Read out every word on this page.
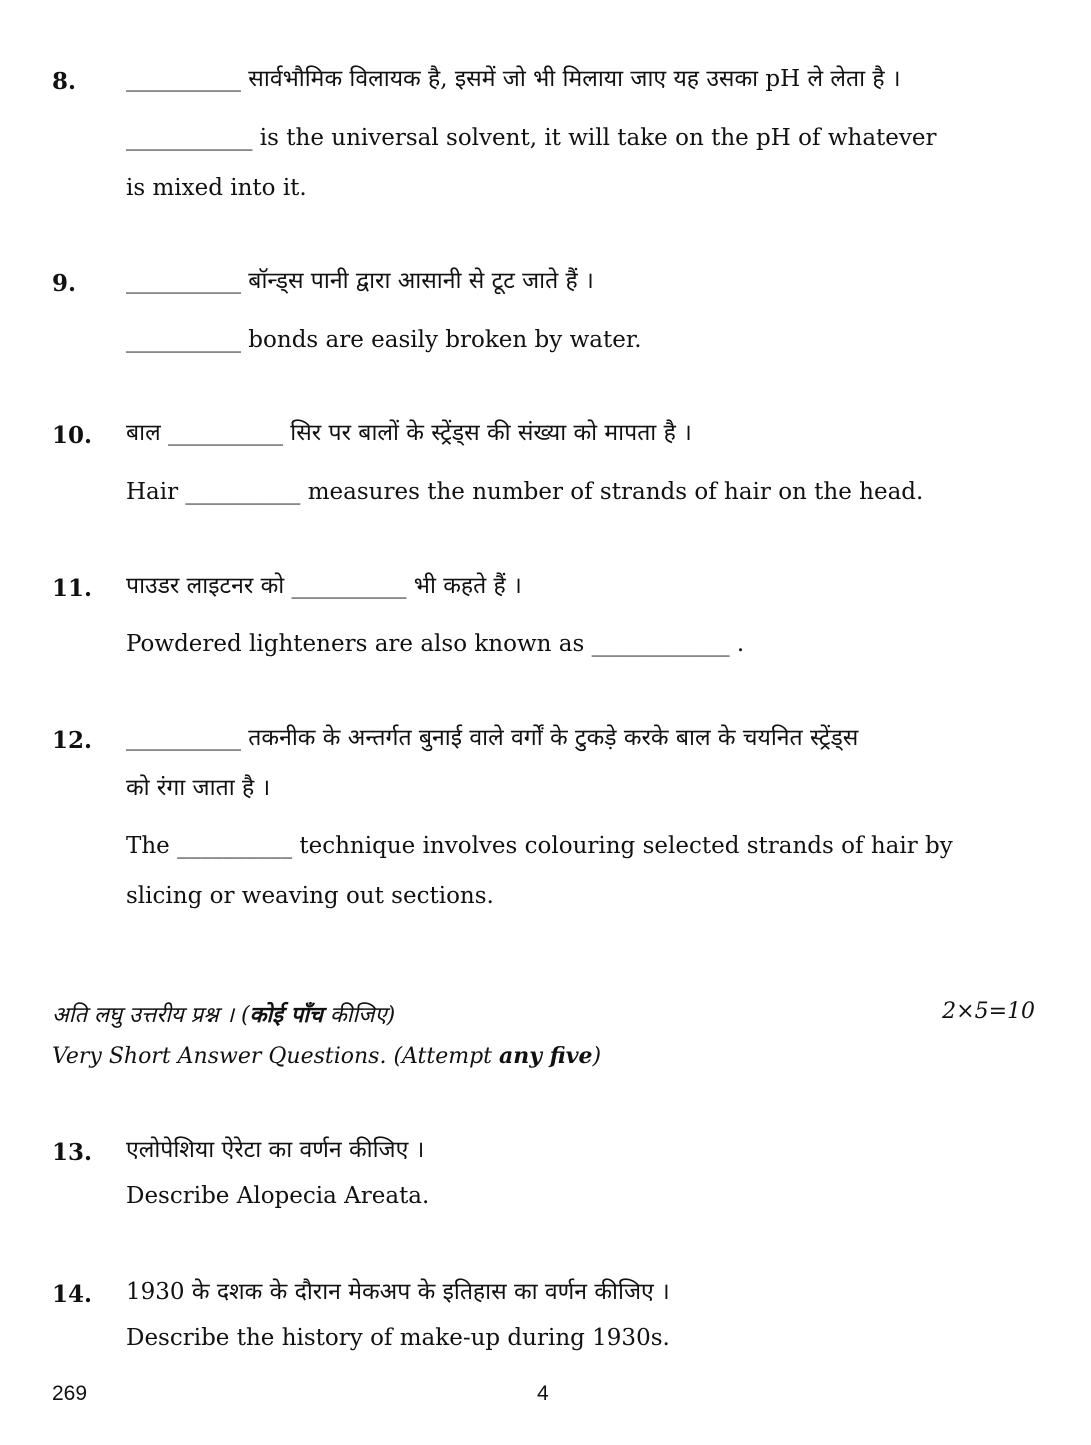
8. __________ सार्वभौमिक विलायक है, इसमें जो भी मिलाया जाए यह उसका pH ले लेता है ।
___________ is the universal solvent, it will take on the pH of whatever
is mixed into it.
9. __________ बॉन्ड्स पानी द्वारा आसानी से टूट जाते हैं ।
__________ bonds are easily broken by water.
10. बाल __________ सिर पर बालों के स्ट्रेंड्स की संख्या को मापता है ।
Hair __________ measures the number of strands of hair on the head.
11. पाउडर लाइटनर को __________ भी कहते हैं ।
Powdered lighteners are also known as ____________ .
12. __________ तकनीक के अन्तर्गत बुनाई वाले वर्गों के टुकड़े करके बाल के चयनित स्ट्रेंड्स
को रंगा जाता है ।
The __________ technique involves colouring selected strands of hair by
slicing or weaving out sections.
अति लघु उत्तरीय प्रश्न । (कोई पाँच कीजिए)	2×5=10
Very Short Answer Questions. (Attempt any five)
13. एलोपेशिया ऐरेटा का वर्णन कीजिए ।
Describe Alopecia Areata.
14. 1930 के दशक के दौरान मेकअप के इतिहास का वर्णन कीजिए ।
Describe the history of make-up during 1930s.
269	4
